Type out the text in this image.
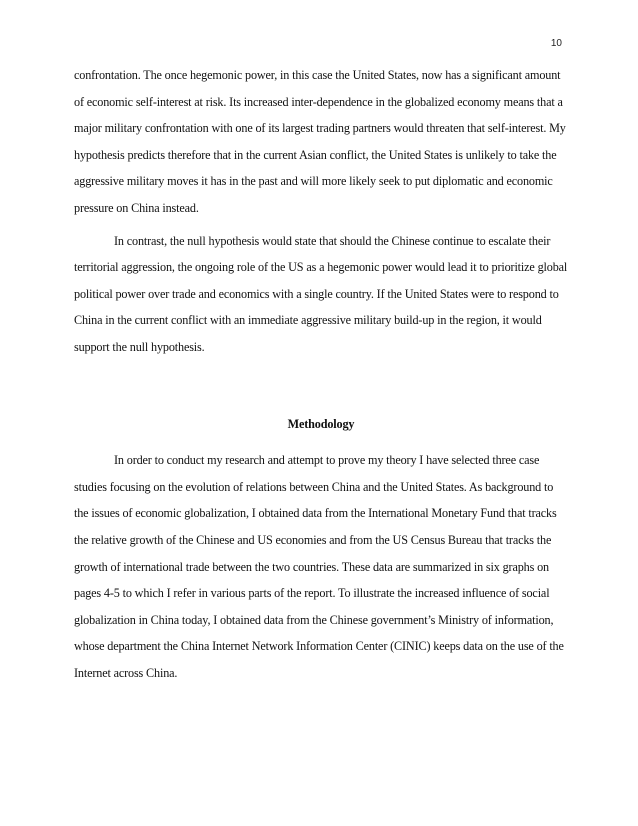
10

confrontation. The once hegemonic power, in this case the United States, now has a significant amount of economic self-interest at risk. Its increased inter-dependence in the globalized economy means that a major military confrontation with one of its largest trading partners would threaten that self-interest. My hypothesis predicts therefore that in the current Asian conflict, the United States is unlikely to take the aggressive military moves it has in the past and will more likely seek to put diplomatic and economic pressure on China instead.

In contrast, the null hypothesis would state that should the Chinese continue to escalate their territorial aggression, the ongoing role of the US as a hegemonic power would lead it to prioritize global political power over trade and economics with a single country. If the United States were to respond to China in the current conflict with an immediate aggressive military build-up in the region, it would support the null hypothesis.

Methodology

In order to conduct my research and attempt to prove my theory I have selected three case studies focusing on the evolution of relations between China and the United States. As background to the issues of economic globalization, I obtained data from the International Monetary Fund that tracks the relative growth of the Chinese and US economies and from the US Census Bureau that tracks the growth of international trade between the two countries. These data are summarized in six graphs on pages 4-5 to which I refer in various parts of the report. To illustrate the increased influence of social globalization in China today, I obtained data from the Chinese government’s Ministry of information, whose department the China Internet Network Information Center (CINIC) keeps data on the use of the Internet across China.
